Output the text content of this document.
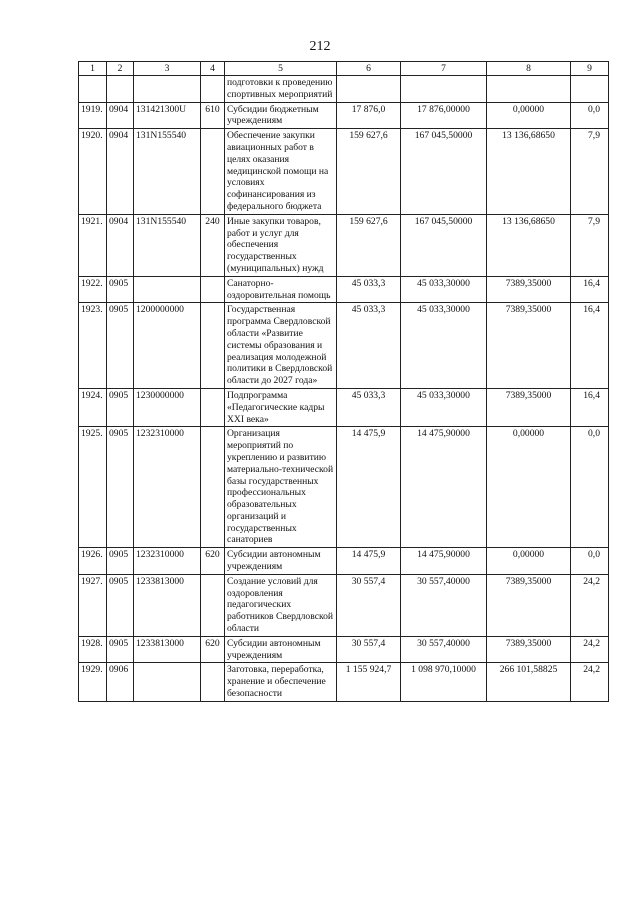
212
1	2	3	4	5	6	7	8	9
				подготовки к проведению спортивных мероприятий				
1919.	0904	131421300U	610	Субсидии бюджетным учреждениям	17 876,0	17 876,00000	0,00000	0,0
1920.	0904	131N155540		Обеспечение закупки авиационных работ в целях оказания медицинской помощи на условиях софинансирования из федерального бюджета	159 627,6	167 045,50000	13 136,68650	7,9
1921.	0904	131N155540	240	Иные закупки товаров, работ и услуг для обеспечения государственных (муниципальных) нужд	159 627,6	167 045,50000	13 136,68650	7,9
1922.	0905			Санаторно-оздоровительная помощь	45 033,3	45 033,30000	7389,35000	16,4
1923.	0905	1200000000		Государственная программа Свердловской области «Развитие системы образования и реализация молодежной политики в Свердловской области до 2027 года»	45 033,3	45 033,30000	7389,35000	16,4
1924.	0905	1230000000		Подпрограмма «Педагогические кадры XXI века»	45 033,3	45 033,30000	7389,35000	16,4
1925.	0905	1232310000		Организация мероприятий по укреплению и развитию материально-технической базы государственных профессиональных образовательных организаций и государственных санаториев	14 475,9	14 475,90000	0,00000	0,0
1926.	0905	1232310000	620	Субсидии автономным учреждениям	14 475,9	14 475,90000	0,00000	0,0
1927.	0905	1233813000		Создание условий для оздоровления педагогических работников Свердловской области	30 557,4	30 557,40000	7389,35000	24,2
1928.	0905	1233813000	620	Субсидии автономным учреждениям	30 557,4	30 557,40000	7389,35000	24,2
1929.	0906			Заготовка, переработка, хранение и обеспечение безопасности	1 155 924,7	1 098 970,10000	266 101,58825	24,2
